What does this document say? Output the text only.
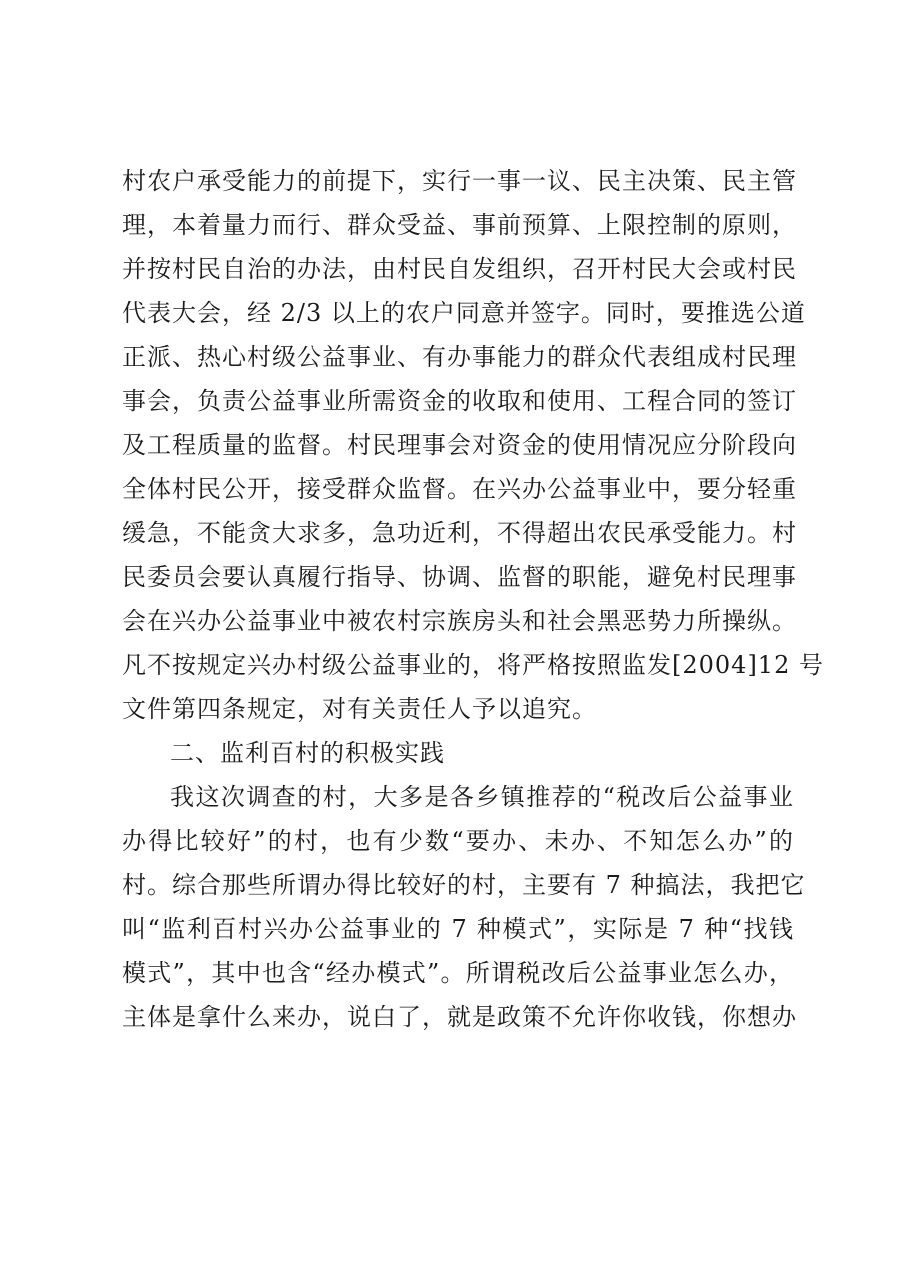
村农户承受能力的前提下，实行一事一议、民主决策、民主管
理，本着量力而行、群众受益、事前预算、上限控制的原则，
并按村民自治的办法，由村民自发组织，召开村民大会或村民
代表大会，经 2/3 以上的农户同意并签字。同时，要推选公道
正派、热心村级公益事业、有办事能力的群众代表组成村民理
事会，负责公益事业所需资金的收取和使用、工程合同的签订
及工程质量的监督。村民理事会对资金的使用情况应分阶段向
全体村民公开，接受群众监督。在兴办公益事业中，要分轻重
缓急，不能贪大求多，急功近利，不得超出农民承受能力。村
民委员会要认真履行指导、协调、监督的职能，避免村民理事
会在兴办公益事业中被农村宗族房头和社会黑恶势力所操纵。
凡不按规定兴办村级公益事业的，将严格按照监发[2004]12 号
文件第四条规定，对有关责任人予以追究。
二、监利百村的积极实践
我这次调查的村，大多是各乡镇推荐的“税改后公益事业
办得比较好”的村，也有少数“要办、未办、不知怎么办”的
村。综合那些所谓办得比较好的村，主要有 7 种搞法，我把它
叫“监利百村兴办公益事业的 7 种模式”，实际是 7 种“找钱
模式”，其中也含“经办模式”。所谓税改后公益事业怎么办，
主体是拿什么来办，说白了，就是政策不允许你收钱，你想办
